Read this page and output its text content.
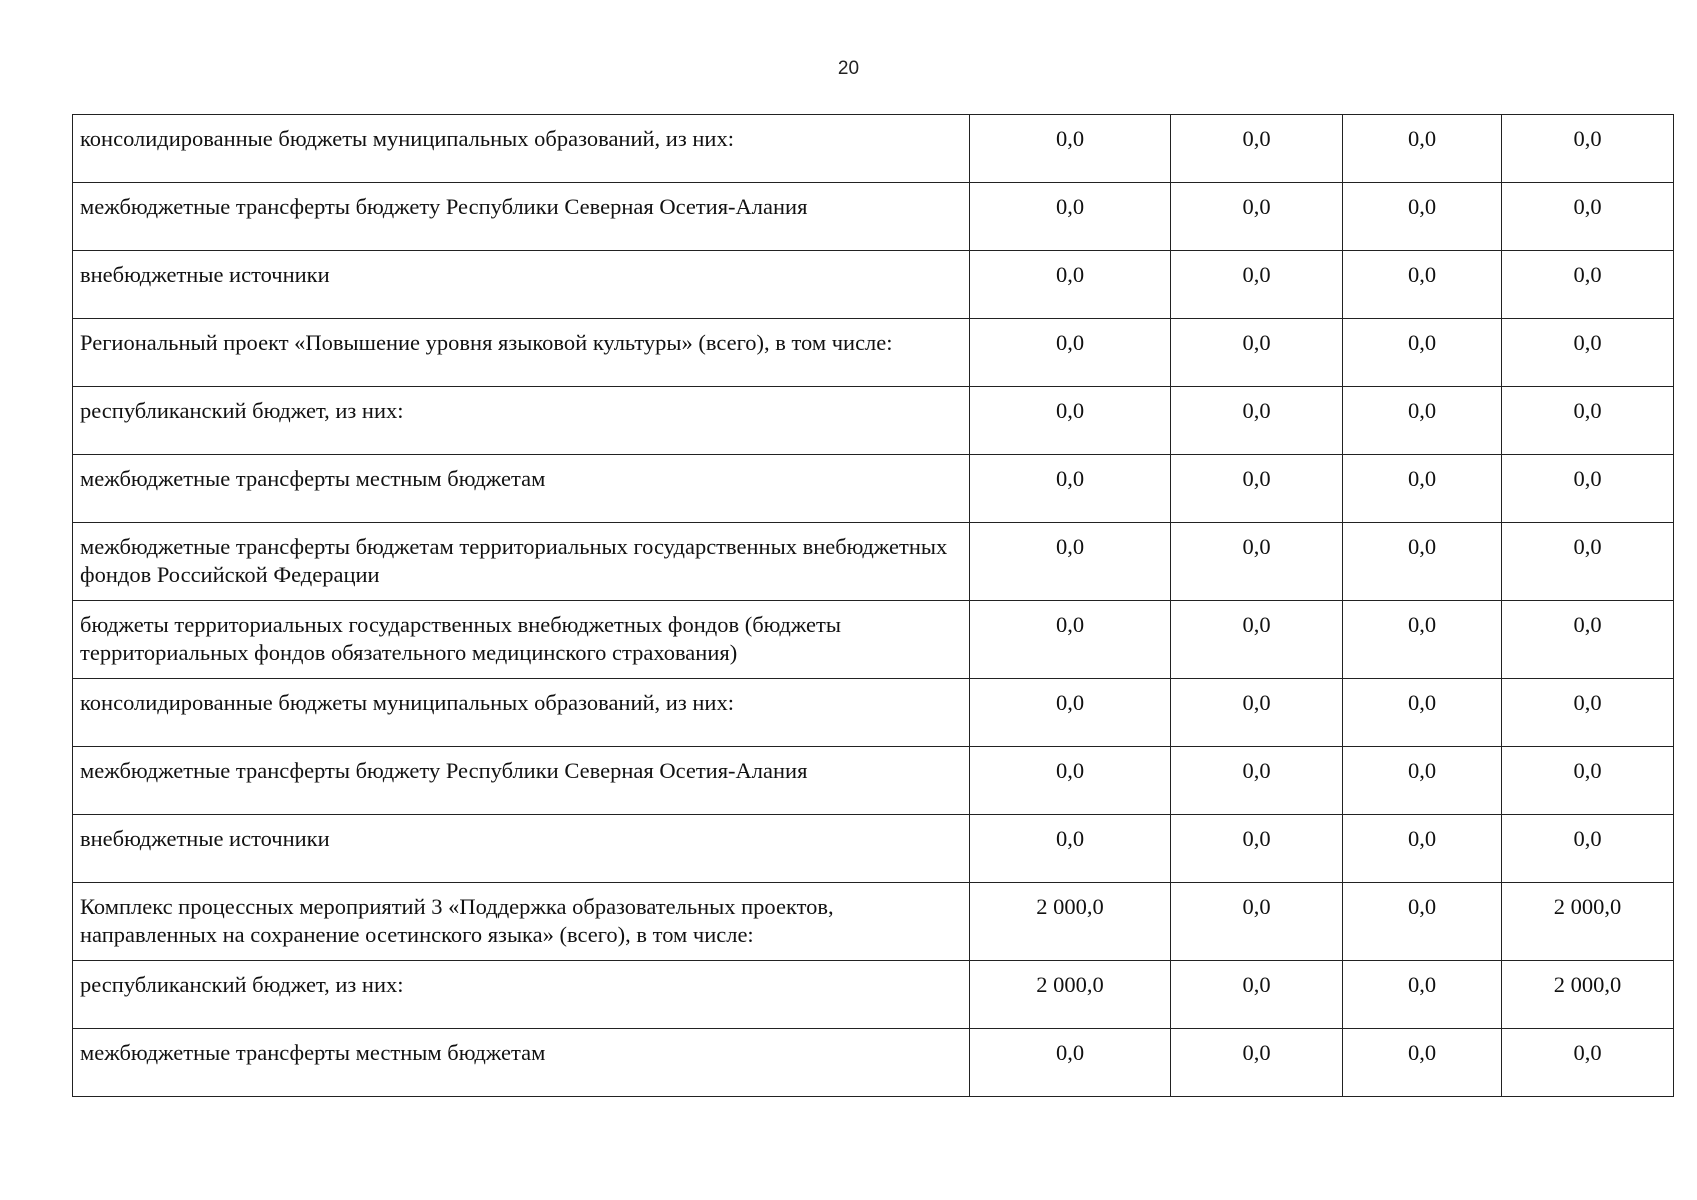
20
консолидированные бюджеты муниципальных образований, из них:	0,0	0,0	0,0	0,0
межбюджетные трансферты бюджету Республики Северная Осетия-Алания	0,0	0,0	0,0	0,0
внебюджетные источники	0,0	0,0	0,0	0,0
Региональный проект «Повышение уровня языковой культуры» (всего), в том числе:	0,0	0,0	0,0	0,0
республиканский бюджет, из них:	0,0	0,0	0,0	0,0
межбюджетные трансферты местным бюджетам	0,0	0,0	0,0	0,0
межбюджетные трансферты бюджетам территориальных государственных внебюджетных фондов Российской Федерации	0,0	0,0	0,0	0,0
бюджеты территориальных государственных внебюджетных фондов (бюджеты территориальных фондов обязательного медицинского страхования)	0,0	0,0	0,0	0,0
консолидированные бюджеты муниципальных образований, из них:	0,0	0,0	0,0	0,0
межбюджетные трансферты бюджету Республики Северная Осетия-Алания	0,0	0,0	0,0	0,0
внебюджетные источники	0,0	0,0	0,0	0,0
Комплекс процессных мероприятий 3 «Поддержка образовательных проектов, направленных на сохранение осетинского языка» (всего), в том числе:	2 000,0	0,0	0,0	2 000,0
республиканский бюджет, из них:	2 000,0	0,0	0,0	2 000,0
межбюджетные трансферты местным бюджетам	0,0	0,0	0,0	0,0
